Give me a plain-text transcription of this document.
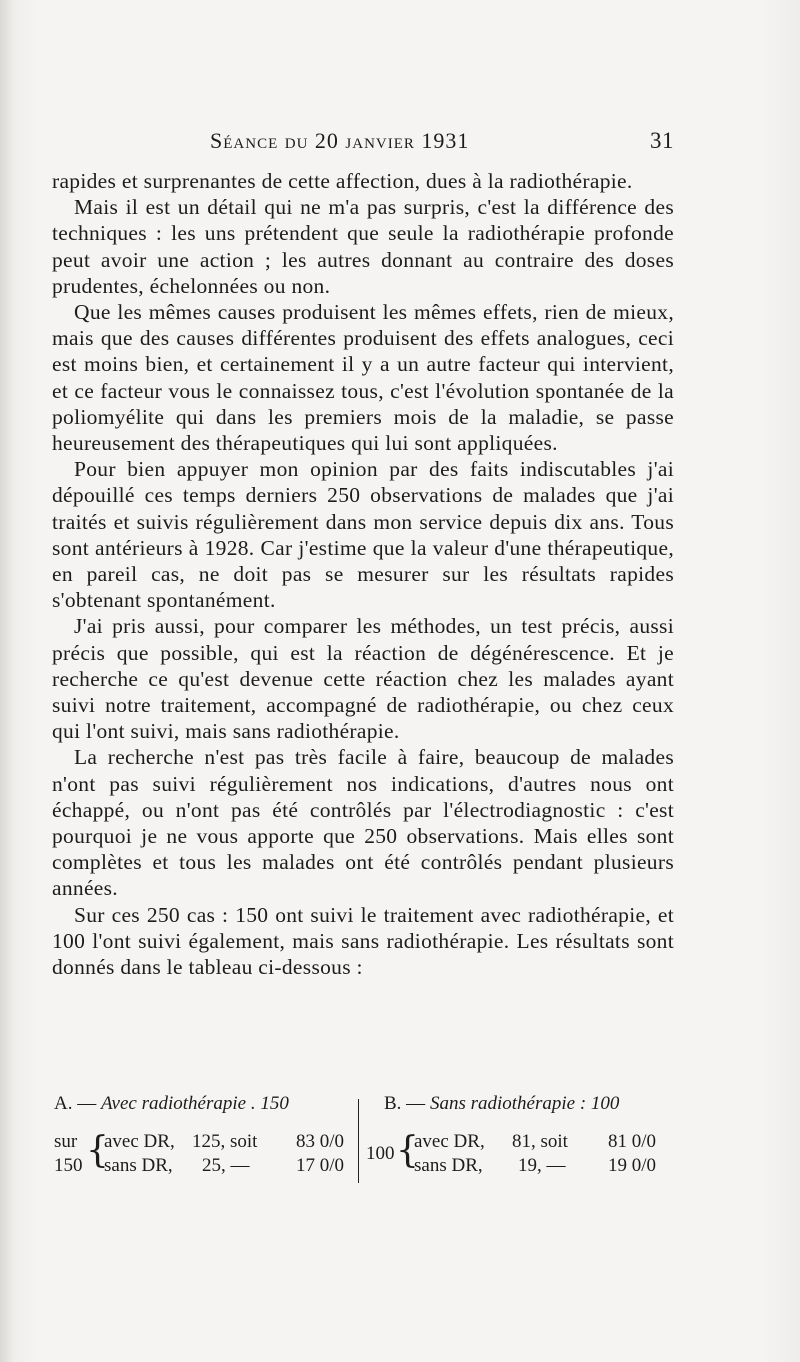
Séance du 20 janvier 1931	31

rapides et surprenantes de cette affection, dues à la radiothérapie.

Mais il est un détail qui ne m'a pas surpris, c'est la différence des techniques : les uns prétendent que seule la radiothérapie profonde peut avoir une action ; les autres donnant au contraire des doses prudentes, échelonnées ou non.

Que les mêmes causes produisent les mêmes effets, rien de mieux, mais que des causes différentes produisent des effets analogues, ceci est moins bien, et certainement il y a un autre facteur qui intervient, et ce facteur vous le connaissez tous, c'est l'évolution spontanée de la poliomyélite qui dans les premiers mois de la maladie, se passe heureusement des thérapeutiques qui lui sont appliquées.

Pour bien appuyer mon opinion par des faits indiscutables j'ai dépouillé ces temps derniers 250 observations de malades que j'ai traités et suivis régulièrement dans mon service depuis dix ans. Tous sont antérieurs à 1928. Car j'estime que la valeur d'une thérapeutique, en pareil cas, ne doit pas se mesurer sur les résultats rapides s'obtenant spontanément.

J'ai pris aussi, pour comparer les méthodes, un test précis, aussi précis que possible, qui est la réaction de dégénérescence. Et je recherche ce qu'est devenue cette réaction chez les malades ayant suivi notre traitement, accompagné de radiothérapie, ou chez ceux qui l'ont suivi, mais sans radiothérapie.

La recherche n'est pas très facile à faire, beaucoup de malades n'ont pas suivi régulièrement nos indications, d'autres nous ont échappé, ou n'ont pas été contrôlés par l'électrodiagnostic : c'est pourquoi je ne vous apporte que 250 observations. Mais elles sont complètes et tous les malades ont été contrôlés pendant plusieurs années.

Sur ces 250 cas : 150 ont suivi le traitement avec radiothérapie, et 100 l'ont suivi également, mais sans radiothérapie. Les résultats sont donnés dans le tableau ci-dessous :

A. — Avec radiothérapie . 150	B. — Sans radiothérapie : 100
sur
150 {
avec DR, 125, soit 83 0/0
sans DR, 25, — 17 0/0
100 {
avec DR, 81, soit 81 0/0
sans DR, 19, — 19 0/0
